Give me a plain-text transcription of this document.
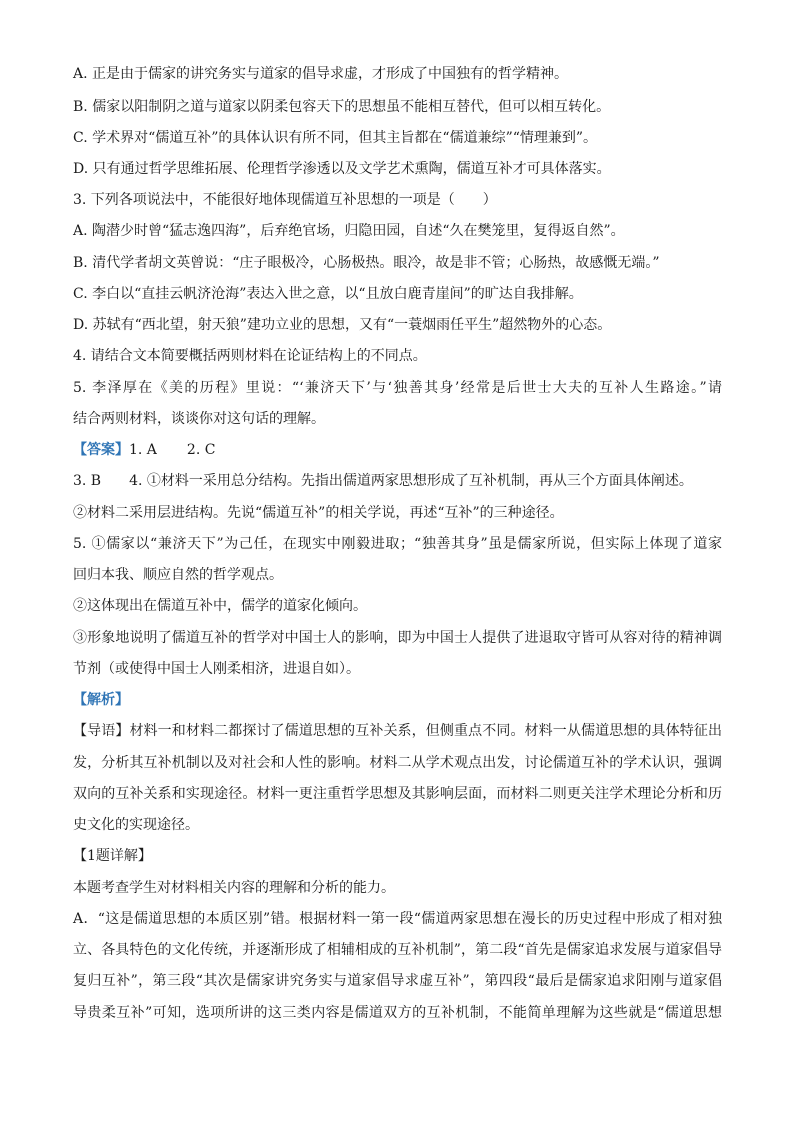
A. 正是由于儒家的讲究务实与道家的倡导求虚，才形成了中国独有的哲学精神。
B. 儒家以阳制阴之道与道家以阴柔包容天下的思想虽不能相互替代，但可以相互转化。
C. 学术界对“儒道互补”的具体认识有所不同，但其主旨都在“儒道兼综”“情理兼到”。
D. 只有通过哲学思维拓展、伦理哲学渗透以及文学艺术熏陶，儒道互补才可具体落实。
3. 下列各项说法中，不能很好地体现儒道互补思想的一项是（　　）
A. 陶潜少时曾“猛志逸四海”，后弃绝官场，归隐田园，自述“久在樊笼里，复得返自然”。
B. 清代学者胡文英曾说：“庄子眼极冷，心肠极热。眼冷，故是非不管；心肠热，故感慨无端。”
C. 李白以“直挂云帆济沧海”表达入世之意，以“且放白鹿青崖间”的旷达自我排解。
D. 苏轼有“西北望，射天狼”建功立业的思想，又有“一蓑烟雨任平生”超然物外的心态。
4. 请结合文本简要概括两则材料在论证结构上的不同点。
5. 李泽厚在《美的历程》里说：“‘兼济天下’与‘独善其身’经常是后世士大夫的互补人生路途。”请
结合两则材料，谈谈你对这句话的理解。
【答案】1. A 2. C
3. B　　4. ①材料一采用总分结构。先指出儒道两家思想形成了互补机制，再从三个方面具体阐述。
②材料二采用层进结构。先说“儒道互补”的相关学说，再述“互补”的三种途径。
5. ①儒家以“兼济天下”为己任，在现实中刚毅进取；“独善其身”虽是儒家所说，但实际上体现了道家
回归本我、顺应自然的哲学观点。
②这体现出在儒道互补中，儒学的道家化倾向。
③形象地说明了儒道互补的哲学对中国士人的影响，即为中国士人提供了进退取守皆可从容对待的精神调
节剂（或使得中国士人刚柔相济，进退自如）。
【解析】
【导语】材料一和材料二都探讨了儒道思想的互补关系，但侧重点不同。材料一从儒道思想的具体特征出
发，分析其互补机制以及对社会和人性的影响。材料二从学术观点出发，讨论儒道互补的学术认识，强调
双向的互补关系和实现途径。材料一更注重哲学思想及其影响层面，而材料二则更关注学术理论分析和历
史文化的实现途径。
【1题详解】
本题考查学生对材料相关内容的理解和分析的能力。
A．“这是儒道思想的本质区别”错。根据材料一第一段“儒道两家思想在漫长的历史过程中形成了相对独
立、各具特色的文化传统，并逐渐形成了相辅相成的互补机制”，第二段“首先是儒家追求发展与道家倡导
复归互补”，第三段“其次是儒家讲究务实与道家倡导求虚互补”，第四段“最后是儒家追求阳刚与道家倡
导贵柔互补”可知，选项所讲的这三类内容是儒道双方的互补机制，不能简单理解为这些就是“儒道思想
